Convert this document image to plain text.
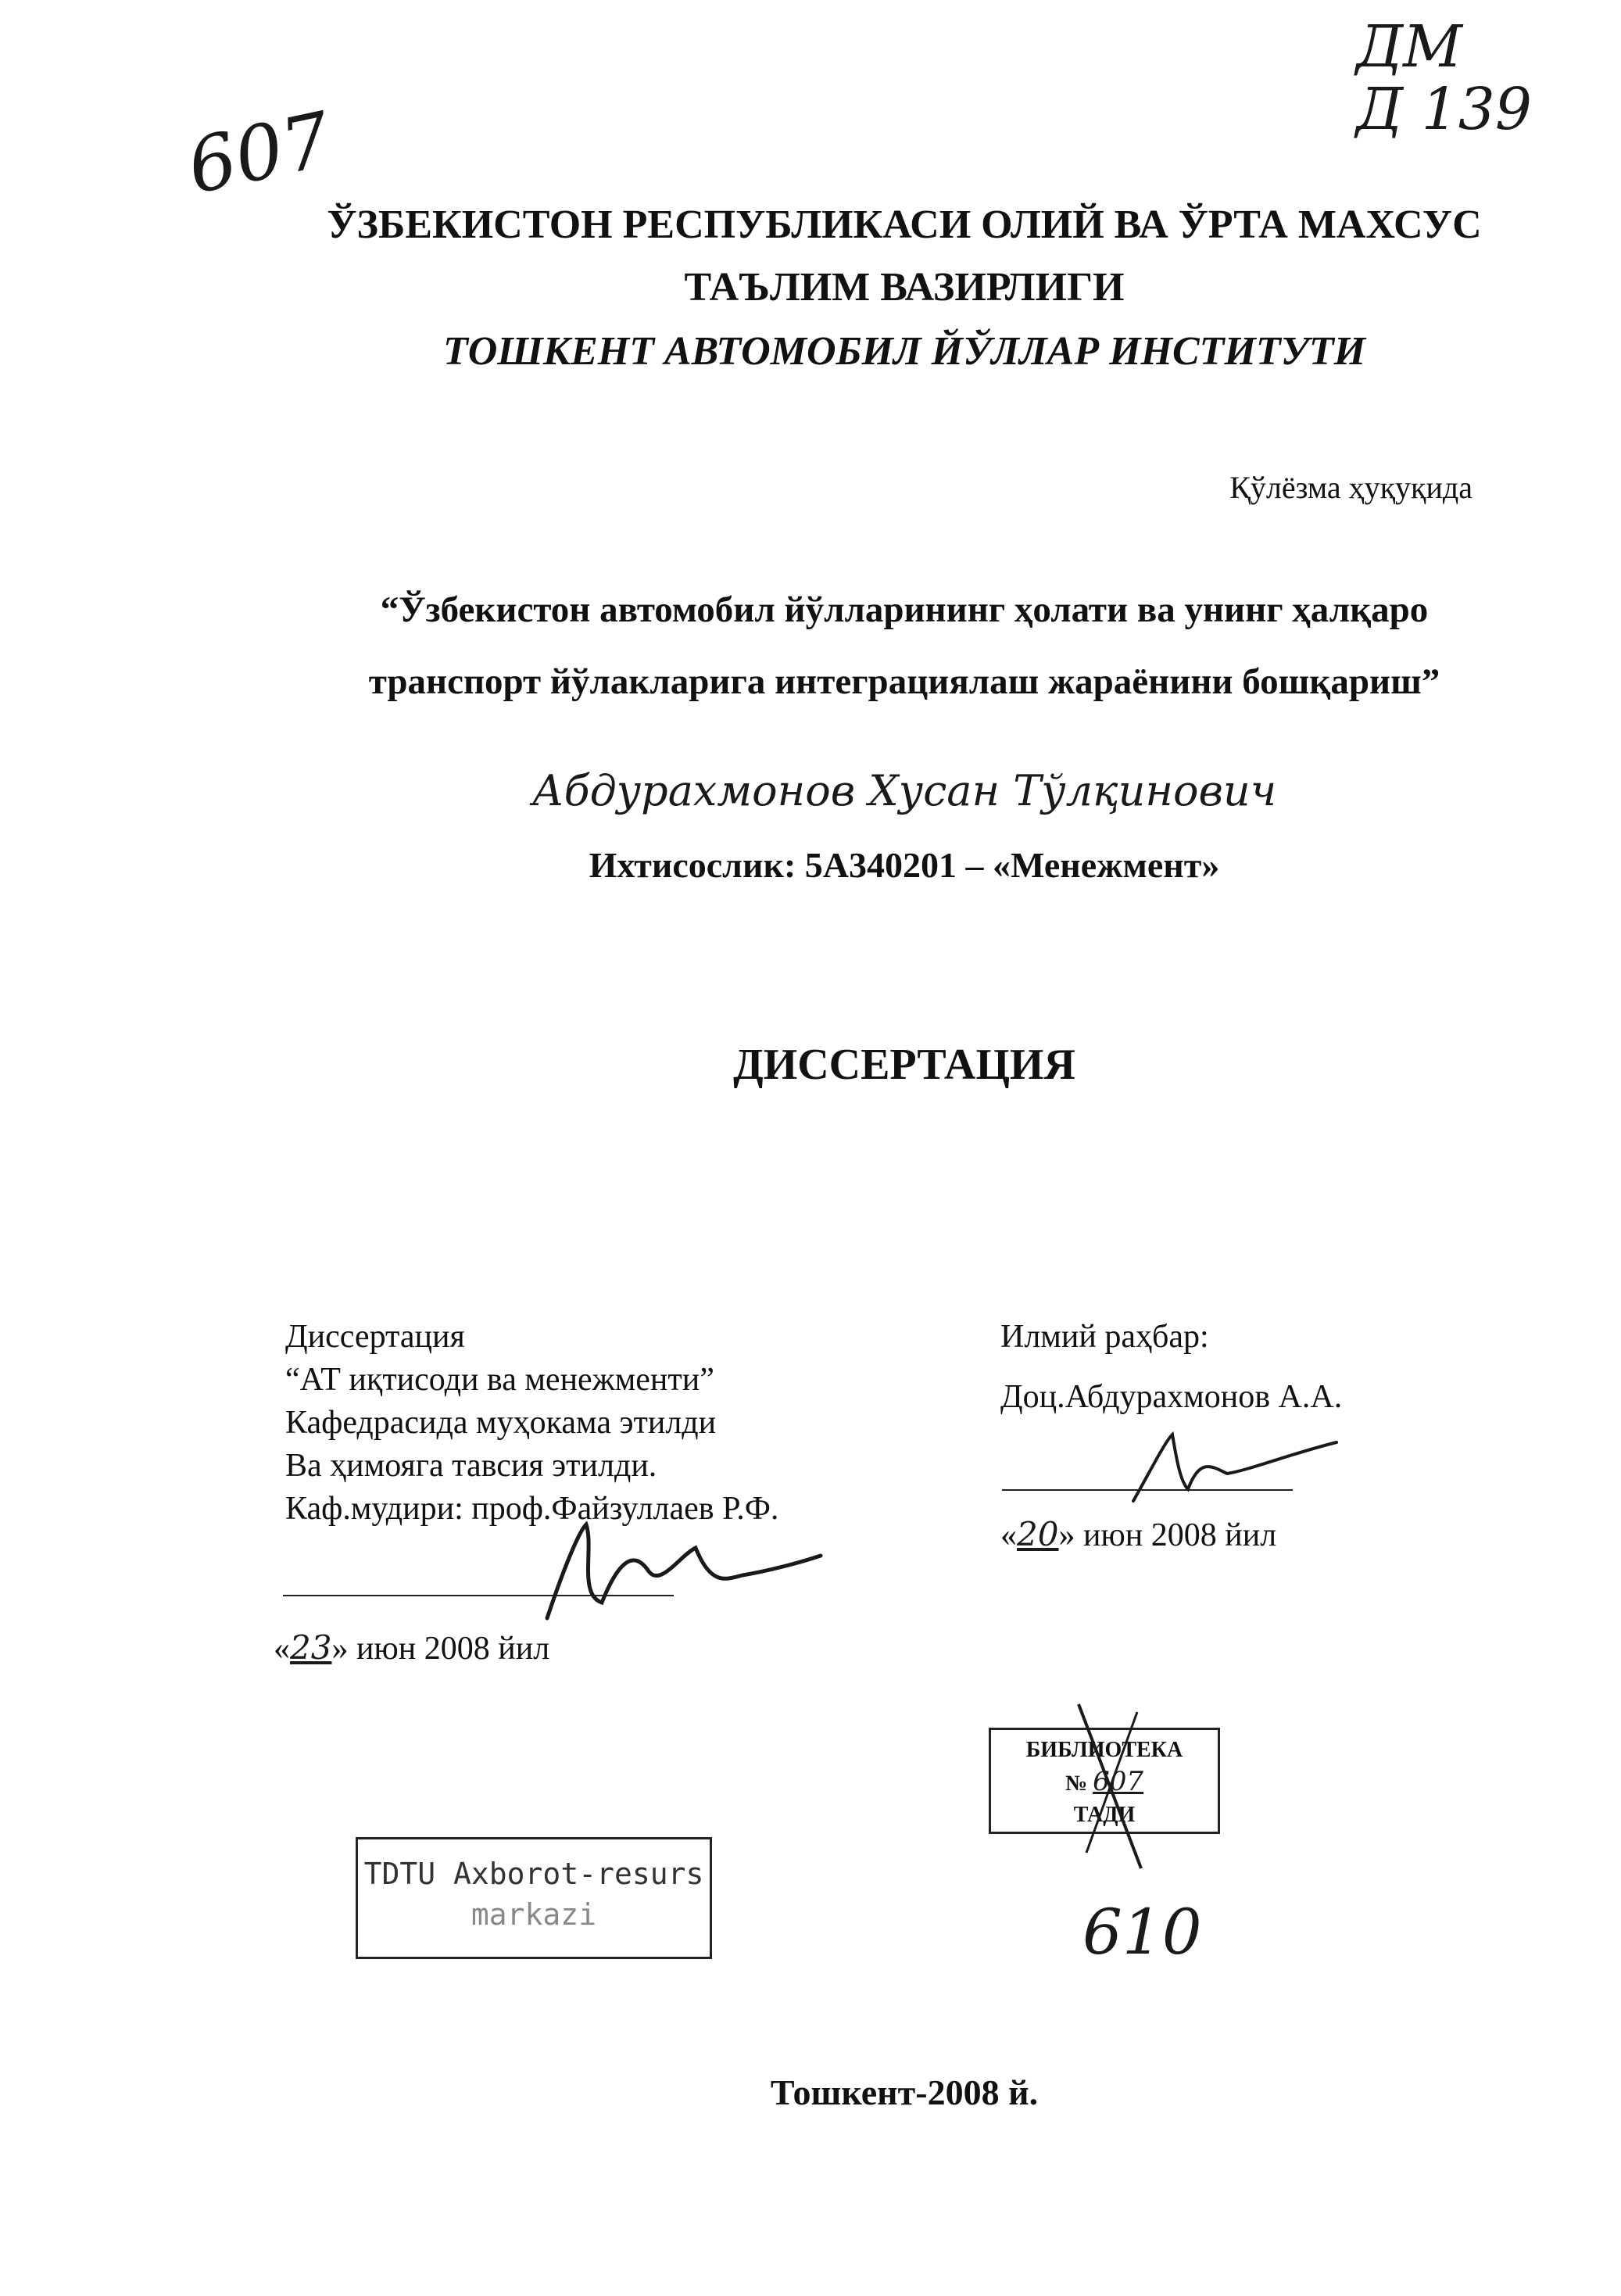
ДМ
Д 139
607
ЎЗБЕКИСТОН РЕСПУБЛИКАСИ ОЛИЙ ВА ЎРТА МАХСУС
ТАЪЛИМ ВАЗИРЛИГИ
ТОШКЕНТ АВТОМОБИЛ ЙЎЛЛАР ИНСТИТУТИ
Қўлёзма ҳуқуқида
“Ўзбекистон автомобил йўлларининг ҳолати ва унинг ҳалқаро
транспорт йўлакларига интеграциялаш жараёнини бошқариш”
Абдурахмонов Хусан Тўлқинович
Ихтисослик: 5А340201 – «Менежмент»
ДИССЕРТАЦИЯ
Диссертация
“АТ иқтисоди ва менежменти”
Кафедрасида муҳокама этилди
Ва ҳимояга тавсия этилди.
Каф.мудири: проф.Файзуллаев Р.Ф.
«23» июн 2008 йил
Илмий раҳбар:
Доц.Абдурахмонов А.А.
«20» июн 2008 йил
БИБЛИОТЕКА
№ 607
ТАДИ
TDTU Axborot-resurs
markazi	610
Тошкент-2008 й.
